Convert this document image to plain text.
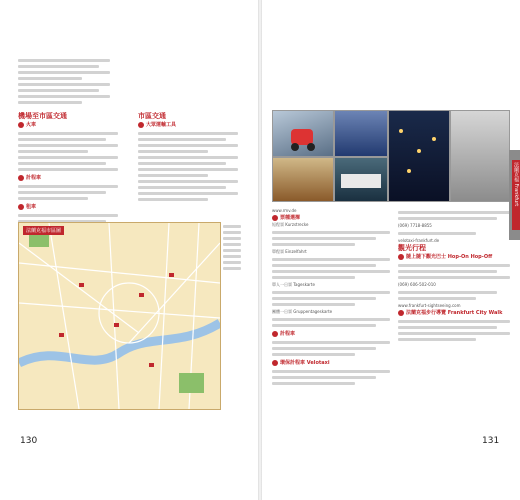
機場至市區交通
火車
計程車
租車
市區交通
大眾運輸工具
法蘭克福市區圖
130
www.rmv.de
票種選擇
短程票 Kurzstrecke
單程票 Einzelfahrt
單人一日票 Tageskarte
團體一日票 Gruppentageskarte
計程車
環保計程車 Velotaxi
(069) 7718-8855
velotaxi-frankfurt.de
觀光行程
隨上隨下觀光巴士 Hop-On Hop-Off
(069) 606-502-010
www.frankfurt-sightseeing.com
法蘭克福步行導覽 Frankfurt City Walk
法蘭克福 Frankfurt
131
